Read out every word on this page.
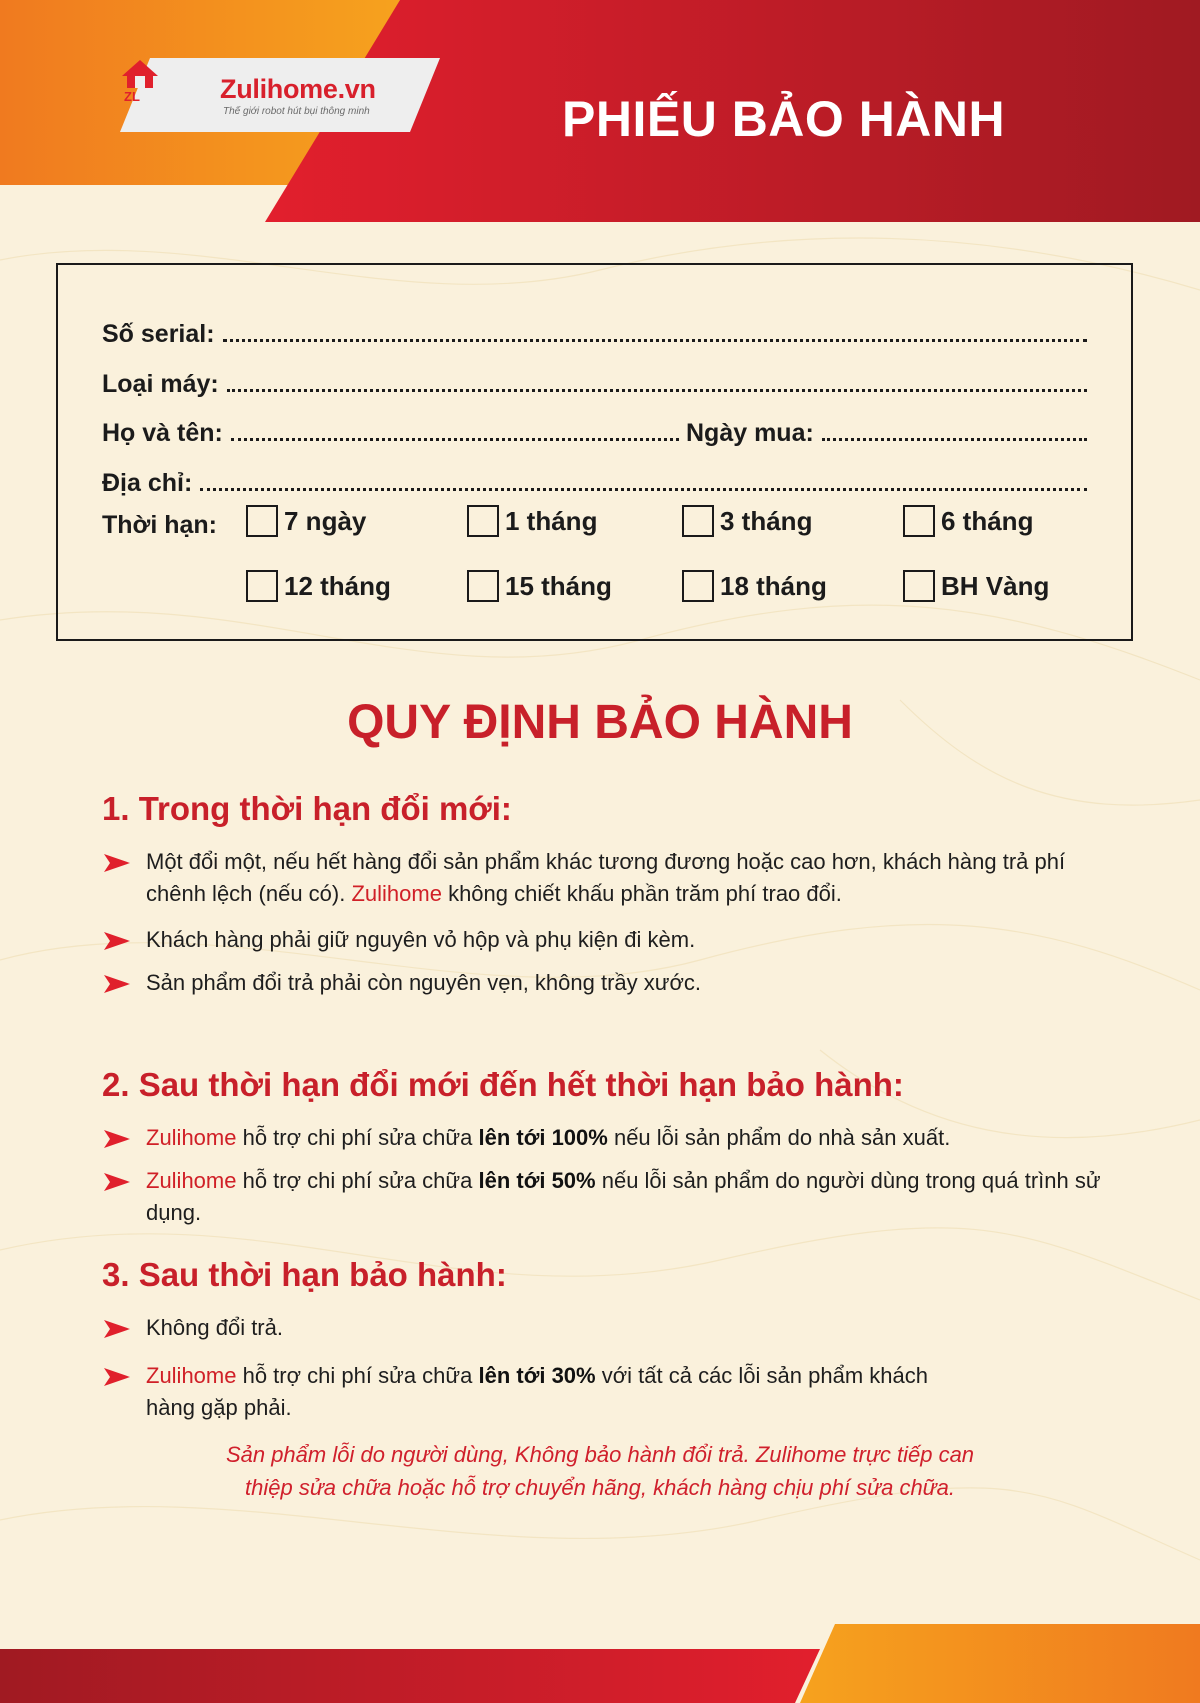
ZL	Zulihome.vn
Thế giới robot hút bụi thông minh	PHIẾU BẢO HÀNH
Số serial:
Loại máy:
Họ và tên:	Ngày mua:
Địa chỉ:
Thời hạn:	7 ngày	1 tháng	3 tháng	6 tháng
12 tháng	15 tháng	18 tháng	BH Vàng
QUY ĐỊNH BẢO HÀNH
1. Trong thời hạn đổi mới:
Một đổi một, nếu hết hàng đổi sản phẩm khác tương đương hoặc cao hơn, khách hàng trả phí chênh lệch (nếu có). Zulihome không chiết khấu phần trăm phí trao đổi.
Khách hàng phải giữ nguyên vỏ hộp và phụ kiện đi kèm.
Sản phẩm đổi trả phải còn nguyên vẹn, không trầy xước.
2. Sau thời hạn đổi mới đến hết thời hạn bảo hành:
Zulihome hỗ trợ chi phí sửa chữa lên tới 100% nếu lỗi sản phẩm do nhà sản xuất.
Zulihome hỗ trợ chi phí sửa chữa lên tới 50% nếu lỗi sản phẩm do người dùng trong quá trình sử dụng.
3. Sau thời hạn bảo hành:
Không đổi trả.
Zulihome hỗ trợ chi phí sửa chữa lên tới 30% với tất cả các lỗi sản phẩm khách hàng gặp phải.
Sản phẩm lỗi do người dùng, Không bảo hành đổi trả. Zulihome trực tiếp can
thiệp sửa chữa hoặc hỗ trợ chuyển hãng, khách hàng chịu phí sửa chữa.
